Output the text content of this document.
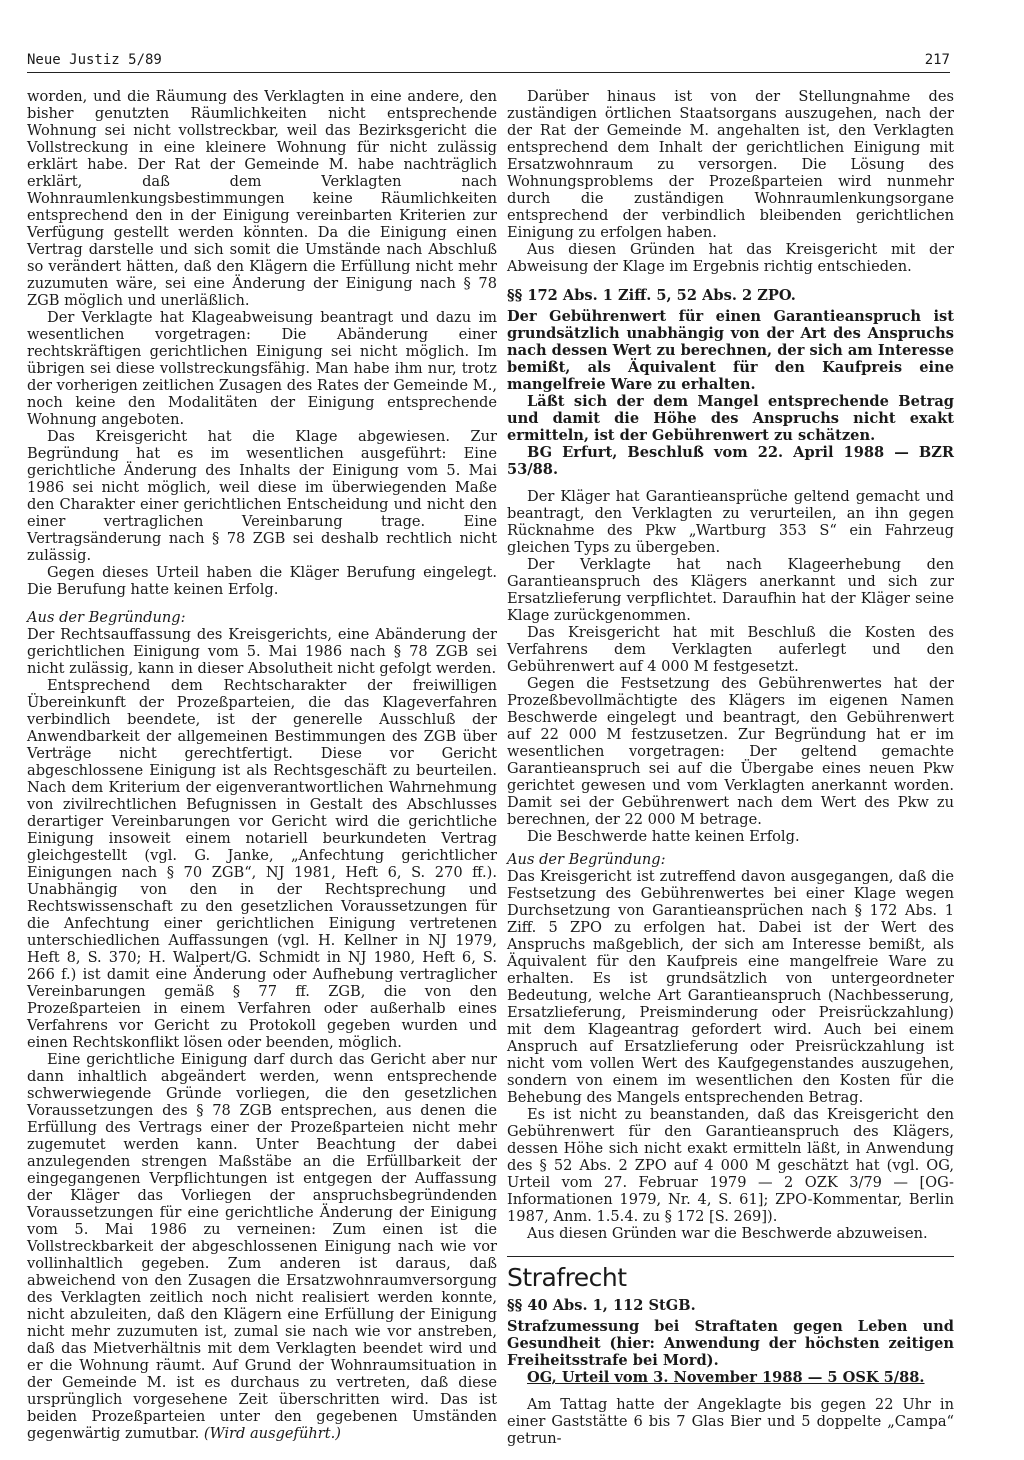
Neue Justiz 5/89	217

worden, und die Räumung des Verklagten in eine andere, den bisher genutzten Räumlichkeiten nicht entsprechende Wohnung sei nicht vollstreckbar, weil das Bezirksgericht die Vollstreckung in eine kleinere Wohnung für nicht zulässig erklärt habe. Der Rat der Gemeinde M. habe nachträglich erklärt, daß dem Verklagten nach Wohnraumlenkungsbestimmungen keine Räumlichkeiten entsprechend den in der Einigung vereinbarten Kriterien zur Verfügung gestellt werden könnten. Da die Einigung einen Vertrag darstelle und sich somit die Umstände nach Abschluß so verändert hätten, daß den Klägern die Erfüllung nicht mehr zuzumuten wäre, sei eine Änderung der Einigung nach § 78 ZGB möglich und unerläßlich.

Der Verklagte hat Klageabweisung beantragt und dazu im wesentlichen vorgetragen: Die Abänderung einer rechtskräftigen gerichtlichen Einigung sei nicht möglich. Im übrigen sei diese vollstreckungsfähig. Man habe ihm nur, trotz der vorherigen zeitlichen Zusagen des Rates der Gemeinde M., noch keine den Modalitäten der Einigung entsprechende Wohnung angeboten.

Das Kreisgericht hat die Klage abgewiesen. Zur Begründung hat es im wesentlichen ausgeführt: Eine gerichtliche Änderung des Inhalts der Einigung vom 5. Mai 1986 sei nicht möglich, weil diese im überwiegenden Maße den Charakter einer gerichtlichen Entscheidung und nicht den einer vertraglichen Vereinbarung trage. Eine Vertragsänderung nach § 78 ZGB sei deshalb rechtlich nicht zulässig.

Gegen dieses Urteil haben die Kläger Berufung eingelegt. Die Berufung hatte keinen Erfolg.

Aus der Begründung:

Der Rechtsauffassung des Kreisgerichts, eine Abänderung der gerichtlichen Einigung vom 5. Mai 1986 nach § 78 ZGB sei nicht zulässig, kann in dieser Absolutheit nicht gefolgt werden.

Entsprechend dem Rechtscharakter der freiwilligen Übereinkunft der Prozeßparteien, die das Klageverfahren verbindlich beendete, ist der generelle Ausschluß der Anwendbarkeit der allgemeinen Bestimmungen des ZGB über Verträge nicht gerechtfertigt. Diese vor Gericht abgeschlossene Einigung ist als Rechtsgeschäft zu beurteilen. Nach dem Kriterium der eigenverantwortlichen Wahrnehmung von zivilrechtlichen Befugnissen in Gestalt des Abschlusses derartiger Vereinbarungen vor Gericht wird die gerichtliche Einigung insoweit einem notariell beurkundeten Vertrag gleichgestellt (vgl. G. Janke, „Anfechtung gerichtlicher Einigungen nach § 70 ZGB“, NJ 1981, Heft 6, S. 270 ff.). Unabhängig von den in der Rechtsprechung und Rechtswissenschaft zu den gesetzlichen Voraussetzungen für die Anfechtung einer gerichtlichen Einigung vertretenen unterschiedlichen Auffassungen (vgl. H. Kellner in NJ 1979, Heft 8, S. 370; H. Walpert/G. Schmidt in NJ 1980, Heft 6, S. 266 f.) ist damit eine Änderung oder Aufhebung vertraglicher Vereinbarungen gemäß § 77 ff. ZGB, die von den Prozeßparteien in einem Verfahren oder außerhalb eines Verfahrens vor Gericht zu Protokoll gegeben wurden und einen Rechtskonflikt lösen oder beenden, möglich.

Eine gerichtliche Einigung darf durch das Gericht aber nur dann inhaltlich abgeändert werden, wenn entsprechende schwerwiegende Gründe vorliegen, die den gesetzlichen Voraussetzungen des § 78 ZGB entsprechen, aus denen die Erfüllung des Vertrags einer der Prozeßparteien nicht mehr zugemutet werden kann. Unter Beachtung der dabei anzulegenden strengen Maßstäbe an die Erfüllbarkeit der eingegangenen Verpflichtungen ist entgegen der Auffassung der Kläger das Vorliegen der anspruchsbegründenden Voraussetzungen für eine gerichtliche Änderung der Einigung vom 5. Mai 1986 zu verneinen: Zum einen ist die Vollstreckbarkeit der abgeschlossenen Einigung nach wie vor vollinhaltlich gegeben. Zum anderen ist daraus, daß abweichend von den Zusagen die Ersatzwohnraumversorgung des Verklagten zeitlich noch nicht realisiert werden konnte, nicht abzuleiten, daß den Klägern eine Erfüllung der Einigung nicht mehr zuzumuten ist, zumal sie nach wie vor anstreben, daß das Mietverhältnis mit dem Verklagten beendet wird und er die Wohnung räumt. Auf Grund der Wohnraumsituation in der Gemeinde M. ist es durchaus zu vertreten, daß diese ursprünglich vorgesehene Zeit überschritten wird. Das ist beiden Prozeßparteien unter den gegebenen Umständen gegenwärtig zumutbar. (Wird ausgeführt.)

Darüber hinaus ist von der Stellungnahme des zuständigen örtlichen Staatsorgans auszugehen, nach der der Rat der Gemeinde M. angehalten ist, den Verklagten entsprechend dem Inhalt der gerichtlichen Einigung mit Ersatzwohnraum zu versorgen. Die Lösung des Wohnungsproblems der Prozeßparteien wird nunmehr durch die zuständigen Wohnraumlenkungsorgane entsprechend der verbindlich bleibenden gerichtlichen Einigung zu erfolgen haben.

Aus diesen Gründen hat das Kreisgericht mit der Abweisung der Klage im Ergebnis richtig entschieden.

§§ 172 Abs. 1 Ziff. 5, 52 Abs. 2 ZPO.

Der Gebührenwert für einen Garantieanspruch ist grundsätzlich unabhängig von der Art des Anspruchs nach dessen Wert zu berechnen, der sich am Interesse bemißt, als Äquivalent für den Kaufpreis eine mangelfreie Ware zu erhalten.

Läßt sich der dem Mangel entsprechende Betrag und damit die Höhe des Anspruchs nicht exakt ermitteln, ist der Gebührenwert zu schätzen.

BG Erfurt, Beschluß vom 22. April 1988 — BZR 53/88.

Der Kläger hat Garantieansprüche geltend gemacht und beantragt, den Verklagten zu verurteilen, an ihn gegen Rücknahme des Pkw „Wartburg 353 S“ ein Fahrzeug gleichen Typs zu übergeben.

Der Verklagte hat nach Klageerhebung den Garantieanspruch des Klägers anerkannt und sich zur Ersatzlieferung verpflichtet. Daraufhin hat der Kläger seine Klage zurückgenommen.

Das Kreisgericht hat mit Beschluß die Kosten des Verfahrens dem Verklagten auferlegt und den Gebührenwert auf 4 000 M festgesetzt.

Gegen die Festsetzung des Gebührenwertes hat der Prozeßbevollmächtigte des Klägers im eigenen Namen Beschwerde eingelegt und beantragt, den Gebührenwert auf 22 000 M festzusetzen. Zur Begründung hat er im wesentlichen vorgetragen: Der geltend gemachte Garantieanspruch sei auf die Übergabe eines neuen Pkw gerichtet gewesen und vom Verklagten anerkannt worden. Damit sei der Gebührenwert nach dem Wert des Pkw zu berechnen, der 22 000 M betrage.

Die Beschwerde hatte keinen Erfolg.

Aus der Begründung:

Das Kreisgericht ist zutreffend davon ausgegangen, daß die Festsetzung des Gebührenwertes bei einer Klage wegen Durchsetzung von Garantieansprüchen nach § 172 Abs. 1 Ziff. 5 ZPO zu erfolgen hat. Dabei ist der Wert des Anspruchs maßgeblich, der sich am Interesse bemißt, als Äquivalent für den Kaufpreis eine mangelfreie Ware zu erhalten. Es ist grundsätzlich von untergeordneter Bedeutung, welche Art Garantieanspruch (Nachbesserung, Ersatzlieferung, Preisminderung oder Preisrückzahlung) mit dem Klageantrag gefordert wird. Auch bei einem Anspruch auf Ersatzlieferung oder Preisrückzahlung ist nicht vom vollen Wert des Kaufgegenstandes auszugehen, sondern von einem im wesentlichen den Kosten für die Behebung des Mangels entsprechenden Betrag.

Es ist nicht zu beanstanden, daß das Kreisgericht den Gebührenwert für den Garantieanspruch des Klägers, dessen Höhe sich nicht exakt ermitteln läßt, in Anwendung des § 52 Abs. 2 ZPO auf 4 000 M geschätzt hat (vgl. OG, Urteil vom 27. Februar 1979 — 2 OZK 3/79 — [OG-Informationen 1979, Nr. 4, S. 61]; ZPO-Kommentar, Berlin 1987, Anm. 1.5.4. zu § 172 [S. 269]).

Aus diesen Gründen war die Beschwerde abzuweisen.

Strafrecht

§§ 40 Abs. 1, 112 StGB.

Strafzumessung bei Straftaten gegen Leben und Gesundheit (hier: Anwendung der höchsten zeitigen Freiheitsstrafe bei Mord).

OG, Urteil vom 3. November 1988 — 5 OSK 5/88.

Am Tattag hatte der Angeklagte bis gegen 22 Uhr in einer Gaststätte 6 bis 7 Glas Bier und 5 doppelte „Campa“ getrun-
